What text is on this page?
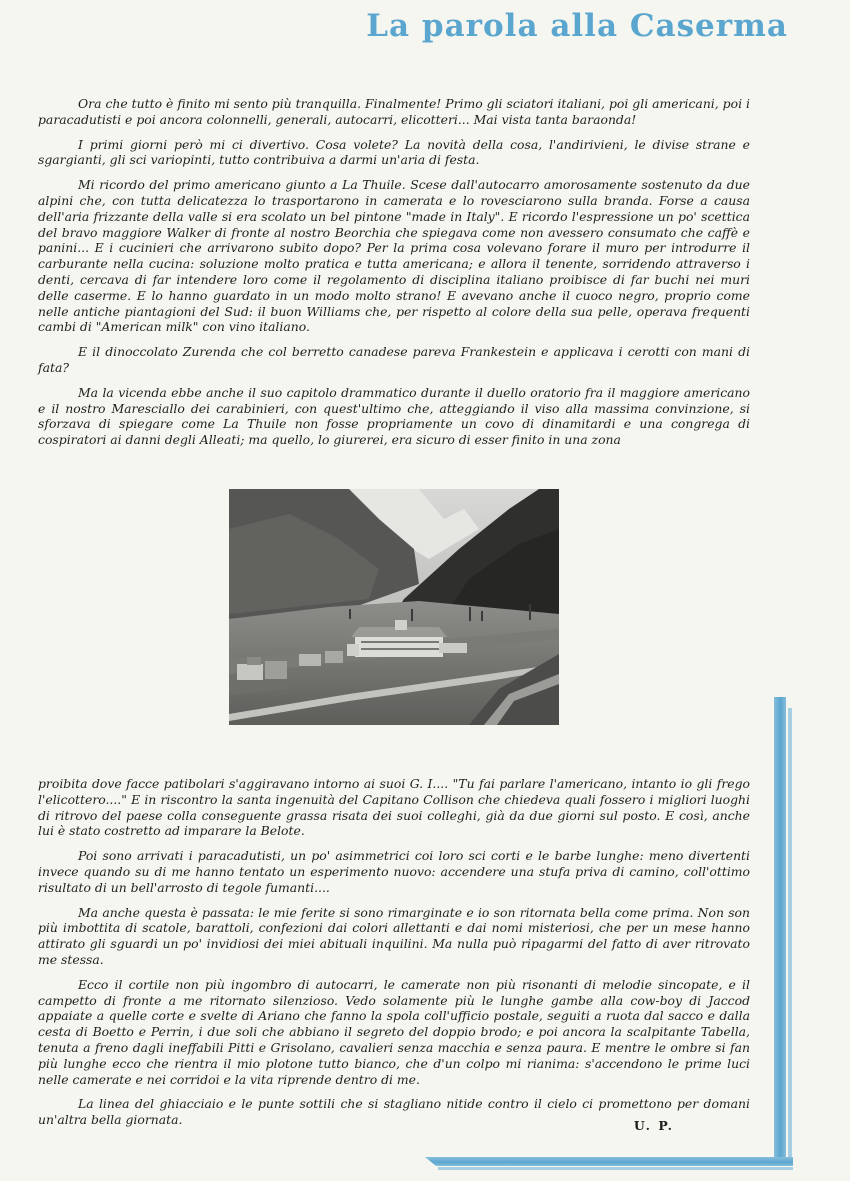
La parola alla Caserma

Ora che tutto è finito mi sento più tranquilla. Finalmente! Primo gli sciatori italiani, poi gli americani, poi i paracadutisti e poi ancora colonnelli, generali, autocarri, elicotteri... Mai vista tanta baraonda!

I primi giorni però mi ci divertivo. Cosa volete? La novità della cosa, l'andirivieni, le divise strane e sgargianti, gli sci variopinti, tutto contribuiva a darmi un'aria di festa.

Mi ricordo del primo americano giunto a La Thuile. Scese dall'autocarro amorosamente sostenuto da due alpini che, con tutta delicatezza lo trasportarono in camerata e lo rovesciarono sulla branda. Forse a causa dell'aria frizzante della valle si era scolato un bel pintone "made in Italy". E ricordo l'espressione un po' scettica del bravo maggiore Walker di fronte al nostro Beorchia che spiegava come non avessero consumato che caffè e panini... E i cucinieri che arrivarono subito dopo? Per la prima cosa volevano forare il muro per introdurre il carburante nella cucina: soluzione molto pratica e tutta americana; e allora il tenente, sorridendo attraverso i denti, cercava di far intendere loro come il regolamento di disciplina italiano proibisce di far buchi nei muri delle caserme. E lo hanno guardato in un modo molto strano! E avevano anche il cuoco negro, proprio come nelle antiche piantagioni del Sud: il buon Williams che, per rispetto al colore della sua pelle, operava frequenti cambi di "American milk" con vino italiano.

E il dinoccolato Zurenda che col berretto canadese pareva Frankestein e applicava i cerotti con mani di fata?

Ma la vicenda ebbe anche il suo capitolo drammatico durante il duello oratorio fra il maggiore americano e il nostro Maresciallo dei carabinieri, con quest'ultimo che, atteggiando il viso alla massima convinzione, si sforzava di spiegare come La Thuile non fosse propriamente un covo di dinamitardi e una congrega di cospiratori ai danni degli Alleati; ma quello, lo giurerei, era sicuro di esser finito in una zona

proibita dove facce patibolari s'aggiravano intorno ai suoi G. I.... "Tu fai parlare l'americano, intanto io gli frego l'elicottero...." E in riscontro la santa ingenuità del Capitano Collison che chiedeva quali fossero i migliori luoghi di ritrovo del paese colla conseguente grassa risata dei suoi colleghi, già da due giorni sul posto. E così, anche lui è stato costretto ad imparare la Belote.

Poi sono arrivati i paracadutisti, un po' asimmetrici coi loro sci corti e le barbe lunghe: meno divertenti invece quando su di me hanno tentato un esperimento nuovo: accendere una stufa priva di camino, coll'ottimo risultato di un bell'arrosto di tegole fumanti....

Ma anche questa è passata: le mie ferite si sono rimarginate e io son ritornata bella come prima. Non son più imbottita di scatole, barattoli, confezioni dai colori allettanti e dai nomi misteriosi, che per un mese hanno attirato gli sguardi un po' invidiosi dei miei abituali inquilini. Ma nulla può ripagarmi del fatto di aver ritrovato me stessa.

Ecco il cortile non più ingombro di autocarri, le camerate non più risonanti di melodie sincopate, e il campetto di fronte a me ritornato silenzioso. Vedo solamente più le lunghe gambe alla cow-boy di Jaccod appaiate a quelle corte e svelte di Ariano che fanno la spola coll'ufficio postale, seguiti a ruota dal sacco e dalla cesta di Boetto e Perrin, i due soli che abbiano il segreto del doppio brodo; e poi ancora la scalpitante Tabella, tenuta a freno dagli ineffabili Pitti e Grisolano, cavalieri senza macchia e senza paura. E mentre le ombre si fan più lunghe ecco che rientra il mio plotone tutto bianco, che d'un colpo mi rianima: s'accendono le prime luci nelle camerate e nei corridoi e la vita riprende dentro di me.

La linea del ghiacciaio e le punte sottili che si stagliano nitide contro il cielo ci promettono per domani un'altra bella giornata.	U. P.
